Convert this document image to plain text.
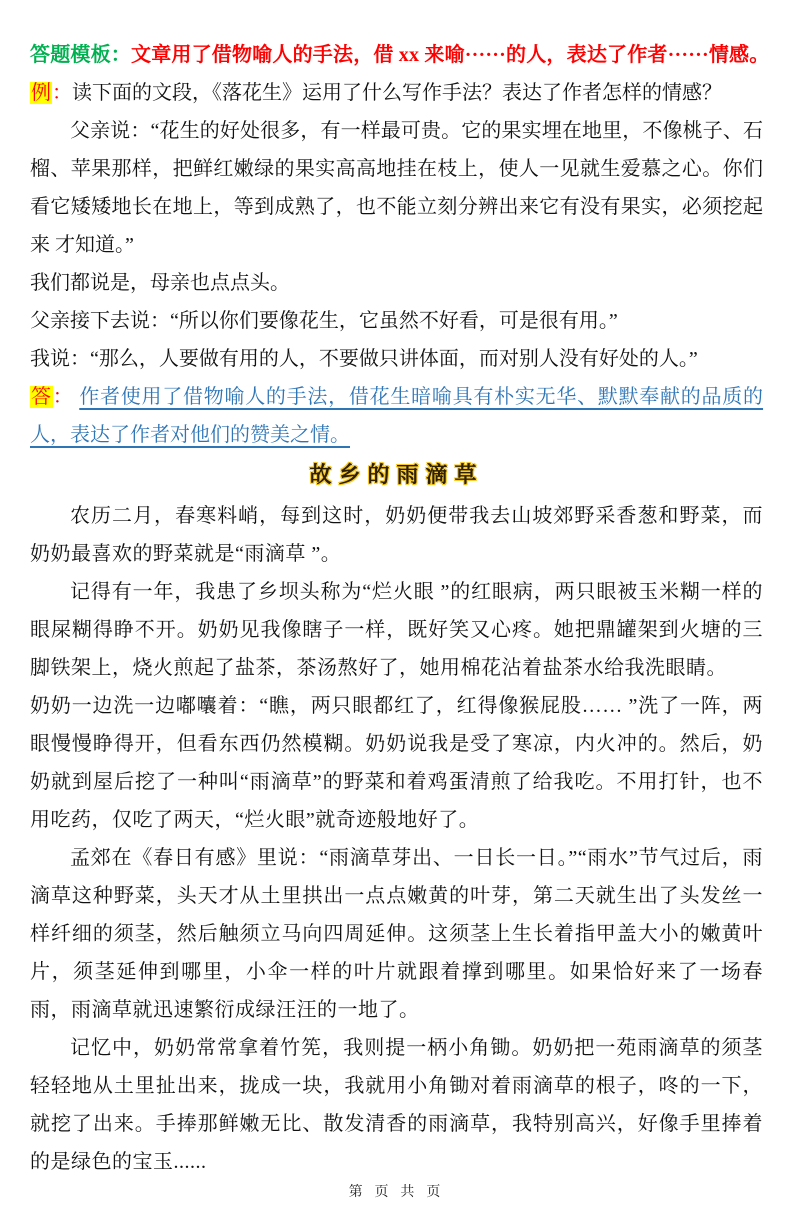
答题模板：文章用了借物喻人的手法，借 xx 来喻······的人，表达了作者······情感。

例：读下面的文段，《落花生》运用了什么写作手法？表达了作者怎样的情感？

父亲说：“花生的好处很多，有一样最可贵。它的果实埋在地里，不像桃子、石榴、苹果那样，把鲜红嫩绿的果实高高地挂在枝上，使人一见就生爱慕之心。你们看它矮矮地长在地上，等到成熟了，也不能立刻分辨出来它有没有果实，必须挖起来 才知道。”

我们都说是，母亲也点点头。

父亲接下去说：“所以你们要像花生，它虽然不好看，可是很有用。”

我说：“那么，人要做有用的人，不要做只讲体面，而对别人没有好处的人。”

答： 作者使用了借物喻人的手法，借花生暗喻具有朴实无华、默默奉献的品质的人，表达了作者对他们的赞美之情。

故乡的雨滴草

农历二月，春寒料峭，每到这时，奶奶便带我去山坡郊野采香葱和野菜，而奶奶最喜欢的野菜就是“雨滴草 ”。

记得有一年，我患了乡坝头称为“烂火眼 ”的红眼病，两只眼被玉米糊一样的眼屎糊得睁不开。奶奶见我像瞎子一样，既好笑又心疼。她把鼎罐架到火塘的三脚铁架上，烧火煎起了盐茶，茶汤熬好了，她用棉花沾着盐茶水给我洗眼睛。

奶奶一边洗一边嘟囔着：“瞧，两只眼都红了，红得像猴屁股…… ”洗了一阵，两眼慢慢睁得开，但看东西仍然模糊。奶奶说我是受了寒凉，内火冲的。然后，奶奶就到屋后挖了一种叫“雨滴草”的野菜和着鸡蛋清煎了给我吃。不用打针，也不用吃药，仅吃了两天，“烂火眼”就奇迹般地好了。

孟郊在《春日有感》里说：“雨滴草芽出、一日长一日。”“雨水”节气过后，雨滴草这种野菜，头天才从土里拱出一点点嫩黄的叶芽，第二天就生出了头发丝一样纤细的须茎，然后触须立马向四周延伸。这须茎上生长着指甲盖大小的嫩黄叶片，须茎延伸到哪里，小伞一样的叶片就跟着撑到哪里。如果恰好来了一场春雨，雨滴草就迅速繁衍成绿汪汪的一地了。

记忆中，奶奶常常拿着竹筅，我则提一柄小角锄。奶奶把一苑雨滴草的须茎轻轻地从土里扯出来，拢成一块，我就用小角锄对着雨滴草的根子，咚的一下，就挖了出来。手捧那鲜嫩无比、散发清香的雨滴草，我特别高兴，好像手里捧着的是绿色的宝玉......

第 页 共 页
